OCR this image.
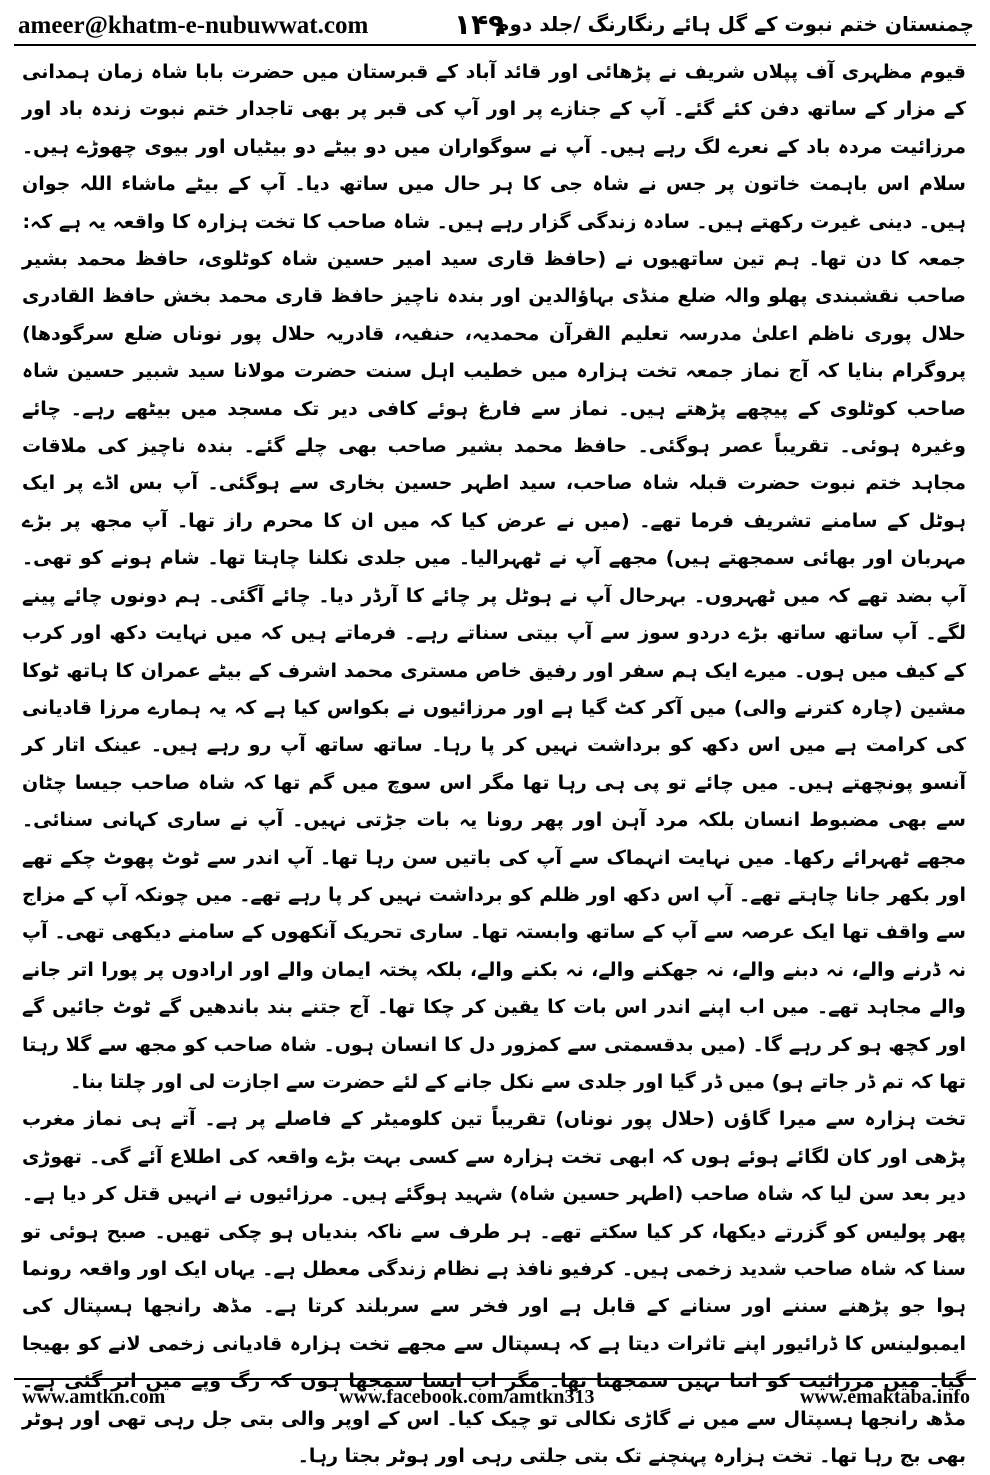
ameer@khatm-e-nubuwwat.com	۱۴۹
چمنستان ختم نبوت کے گل ہائے رنگارنگ /جلد دوم

قیوم مظہری آف پپلاں شریف نے پڑھائی اور قائد آباد کے قبرستان میں حضرت بابا شاہ زمان ہمدانی کے مزار کے ساتھ دفن کئے گئے۔ آپ کے جنازے پر اور آپ کی قبر پر بھی تاجدار ختم نبوت زندہ باد اور مرزائیت مردہ باد کے نعرے لگ رہے ہیں۔ آپ نے سوگواران میں دو بیٹے دو بیٹیاں اور بیوی چھوڑے ہیں۔ سلام اس باہمت خاتون پر جس نے شاہ جی کا ہر حال میں ساتھ دیا۔ آپ کے بیٹے ماشاء اللہ جوان ہیں۔ دینی غیرت رکھتے ہیں۔ سادہ زندگی گزار رہے ہیں۔ شاہ صاحب کا تخت ہزارہ کا واقعہ یہ ہے کہ:

جمعہ کا دن تھا۔ ہم تین ساتھیوں نے (حافظ قاری سید امیر حسین شاہ کوٹلوی، حافظ محمد بشیر صاحب نقشبندی پھلو والہ ضلع منڈی بہاؤالدین اور بندہ ناچیز حافظ قاری محمد بخش حافظ القادری حلال پوری ناظم اعلیٰ مدرسہ تعلیم القرآن محمدیہ، حنفیہ، قادریہ حلال پور نوناں ضلع سرگودھا) پروگرام بنایا کہ آج نماز جمعہ تخت ہزارہ میں خطیب اہل سنت حضرت مولانا سید شبیر حسین شاہ صاحب کوٹلوی کے پیچھے پڑھتے ہیں۔ نماز سے فارغ ہوئے کافی دیر تک مسجد میں بیٹھے رہے۔ چائے وغیرہ ہوئی۔ تقریباً عصر ہوگئی۔ حافظ محمد بشیر صاحب بھی چلے گئے۔ بندہ ناچیز کی ملاقات مجاہد ختم نبوت حضرت قبلہ شاہ صاحب، سید اطہر حسین بخاری سے ہوگئی۔ آپ بس اڈے پر ایک ہوٹل کے سامنے تشریف فرما تھے۔ (میں نے عرض کیا کہ میں ان کا محرم راز تھا۔ آپ مجھ پر بڑے مہربان اور بھائی سمجھتے ہیں) مجھے آپ نے ٹھہرالیا۔ میں جلدی نکلنا چاہتا تھا۔ شام ہونے کو تھی۔ آپ بضد تھے کہ میں ٹھہروں۔ بہرحال آپ نے ہوٹل پر چائے کا آرڈر دیا۔ چائے آگئی۔ ہم دونوں چائے پینے لگے۔ آپ ساتھ ساتھ بڑے دردو سوز سے آپ بیتی سناتے رہے۔ فرماتے ہیں کہ میں نہایت دکھ اور کرب کے کیف میں ہوں۔ میرے ایک ہم سفر اور رفیق خاص مستری محمد اشرف کے بیٹے عمران کا ہاتھ ٹوکا مشین (چارہ کترنے والی) میں آکر کٹ گیا ہے اور مرزائیوں نے بکواس کیا ہے کہ یہ ہمارے مرزا قادیانی کی کرامت ہے میں اس دکھ کو برداشت نہیں کر پا رہا۔ ساتھ ساتھ آپ رو رہے ہیں۔ عینک اتار کر آنسو پونچھتے ہیں۔ میں چائے تو پی ہی رہا تھا مگر اس سوچ میں گم تھا کہ شاہ صاحب جیسا چٹان سے بھی مضبوط انسان بلکہ مرد آہن اور پھر رونا یہ بات جڑتی نہیں۔ آپ نے ساری کہانی سنائی۔ مجھے ٹھہرائے رکھا۔ میں نہایت انہماک سے آپ کی باتیں سن رہا تھا۔ آپ اندر سے ٹوٹ پھوٹ چکے تھے اور بکھر جانا چاہتے تھے۔ آپ اس دکھ اور ظلم کو برداشت نہیں کر پا رہے تھے۔ میں چونکہ آپ کے مزاج سے واقف تھا ایک عرصہ سے آپ کے ساتھ وابستہ تھا۔ ساری تحریک آنکھوں کے سامنے دیکھی تھی۔ آپ نہ ڈرنے والے، نہ دبنے والے، نہ جھکنے والے، نہ بکنے والے، بلکہ پختہ ایمان والے اور ارادوں پر پورا اتر جانے والے مجاہد تھے۔ میں اب اپنے اندر اس بات کا یقین کر چکا تھا۔ آج جتنے بند باندھیں گے ٹوٹ جائیں گے اور کچھ ہو کر رہے گا۔ (میں بدقسمتی سے کمزور دل کا انسان ہوں۔ شاہ صاحب کو مجھ سے گلا رہتا تھا کہ تم ڈر جاتے ہو) میں ڈر گیا اور جلدی سے نکل جانے کے لئے حضرت سے اجازت لی اور چلتا بنا۔

تخت ہزارہ سے میرا گاؤں (حلال پور نوناں) تقریباً تین کلومیٹر کے فاصلے پر ہے۔ آتے ہی نماز مغرب پڑھی اور کان لگائے ہوئے ہوں کہ ابھی تخت ہزارہ سے کسی بہت بڑے واقعہ کی اطلاع آئے گی۔ تھوڑی دیر بعد سن لیا کہ شاہ صاحب (اطہر حسین شاہ) شہید ہوگئے ہیں۔ مرزائیوں نے انہیں قتل کر دیا ہے۔ پھر پولیس کو گزرتے دیکھا، کر کیا سکتے تھے۔ ہر طرف سے ناکہ بندیاں ہو چکی تھیں۔ صبح ہوئی تو سنا کہ شاہ صاحب شدید زخمی ہیں۔ کرفیو نافذ ہے نظام زندگی معطل ہے۔ یہاں ایک اور واقعہ رونما ہوا جو پڑھنے سننے اور سنانے کے قابل ہے اور فخر سے سربلند کرتا ہے۔ مڈھ رانجھا ہسپتال کی ایمبولینس کا ڈرائیور اپنے تاثرات دیتا ہے کہ ہسپتال سے مجھے تخت ہزارہ قادیانی زخمی لانے کو بھیجا گیا۔ میں مرزائیت کو اتنا نہیں سمجھتا تھا۔ مگر اب ایسا سمجھا ہوں کہ رگ وپے میں اتر گئی ہے۔ مڈھ رانجھا ہسپتال سے میں نے گاڑی نکالی تو چیک کیا۔ اس کے اوپر والی بتی جل رہی تھی اور ہوٹر بھی بج رہا تھا۔ تخت ہزارہ پہنچنے تک بتی جلتی رہی اور ہوٹر بجتا رہا۔

www.amtkn.com	www.facebook.com/amtkn313	www.emaktaba.info
